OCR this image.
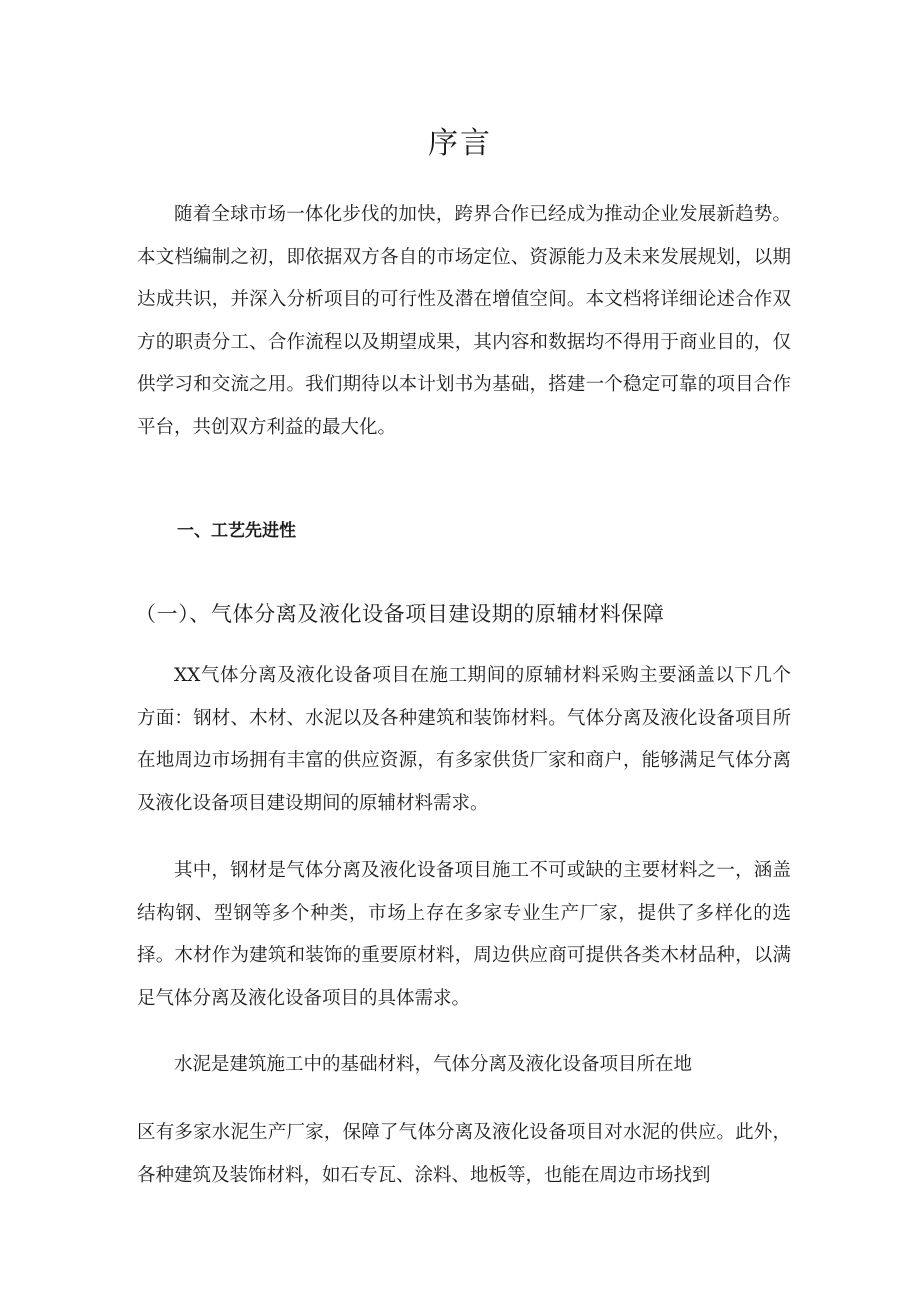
序言

随着全球市场一体化步伐的加快，跨界合作已经成为推动企业发展新趋势。本文档编制之初，即依据双方各自的市场定位、资源能力及未来发展规划，以期达成共识，并深入分析项目的可行性及潜在增值空间。本文档将详细论述合作双方的职责分工、合作流程以及期望成果，其内容和数据均不得用于商业目的，仅供学习和交流之用。我们期待以本计划书为基础，搭建一个稳定可靠的项目合作平台，共创双方利益的最大化。

一、工艺先进性
（一）、气体分离及液化设备项目建设期的原辅材料保障

XX气体分离及液化设备项目在施工期间的原辅材料采购主要涵盖以下几个方面：钢材、木材、水泥以及各种建筑和装饰材料。气体分离及液化设备项目所在地周边市场拥有丰富的供应资源，有多家供货厂家和商户，能够满足气体分离及液化设备项目建设期间的原辅材料需求。

其中，钢材是气体分离及液化设备项目施工不可或缺的主要材料之一，涵盖结构钢、型钢等多个种类，市场上存在多家专业生产厂家，提供了多样化的选择。木材作为建筑和装饰的重要原材料，周边供应商可提供各类木材品种，以满足气体分离及液化设备项目的具体需求。

水泥是建筑施工中的基础材料，气体分离及液化设备项目所在地

区有多家水泥生产厂家，保障了气体分离及液化设备项目对水泥的供应。此外，各种建筑及装饰材料，如石专瓦、涂料、地板等，也能在周边市场找到
